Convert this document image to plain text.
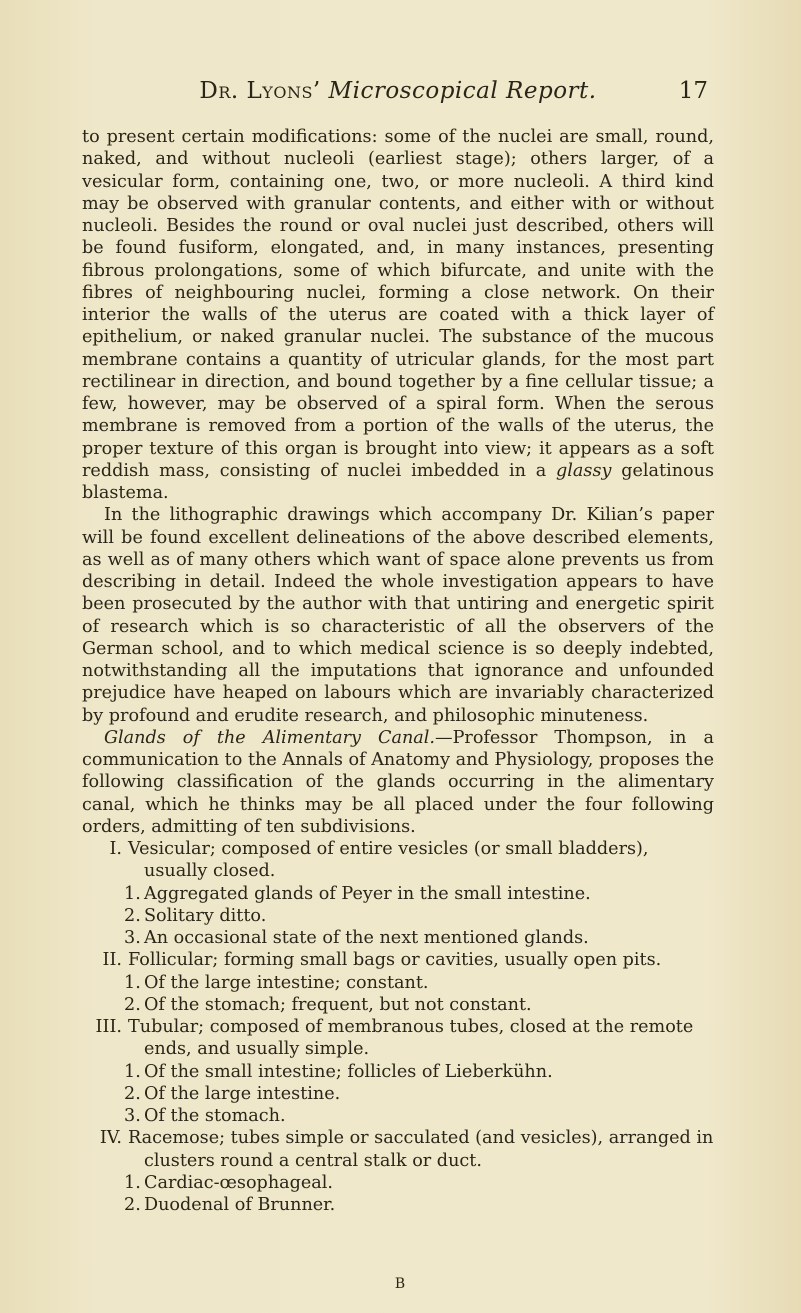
Dr. Lyons’ Microscopical Report.	17

to present certain modifications: some of the nuclei are small, round, naked, and without nucleoli (earliest stage); others larger, of a vesicular form, containing one, two, or more nucleoli. A third kind may be observed with granular contents, and either with or without nucleoli. Besides the round or oval nuclei just described, others will be found fusiform, elongated, and, in many instances, presenting fibrous prolongations, some of which bifurcate, and unite with the fibres of neighbouring nuclei, forming a close network. On their interior the walls of the uterus are coated with a thick layer of epithelium, or naked granular nuclei. The substance of the mucous membrane contains a quantity of utricular glands, for the most part rectilinear in direction, and bound together by a fine cellular tissue; a few, however, may be observed of a spiral form. When the serous membrane is removed from a portion of the walls of the uterus, the proper texture of this organ is brought into view; it appears as a soft reddish mass, consisting of nuclei imbedded in a glassy gelatinous blastema.

In the lithographic drawings which accompany Dr. Kilian’s paper will be found excellent delineations of the above described elements, as well as of many others which want of space alone prevents us from describing in detail. Indeed the whole investigation appears to have been prosecuted by the author with that untiring and energetic spirit of research which is so characteristic of all the observers of the German school, and to which medical science is so deeply indebted, notwithstanding all the imputations that ignorance and unfounded prejudice have heaped on labours which are invariably characterized by profound and erudite research, and philosophic minuteness.

Glands of the Alimentary Canal.—Professor Thompson, in a communication to the Annals of Anatomy and Physiology, proposes the following classification of the glands occurring in the alimentary canal, which he thinks may be all placed under the four following orders, admitting of ten subdivisions.

I. Vesicular; composed of entire vesicles (or small bladders), usually closed.
1. Aggregated glands of Peyer in the small intestine.
2. Solitary ditto.
3. An occasional state of the next mentioned glands.
II. Follicular; forming small bags or cavities, usually open pits.
1. Of the large intestine; constant.
2. Of the stomach; frequent, but not constant.
III. Tubular; composed of membranous tubes, closed at the remote ends, and usually simple.
1. Of the small intestine; follicles of Lieberkühn.
2. Of the large intestine.
3. Of the stomach.
IV. Racemose; tubes simple or sacculated (and vesicles), arranged in clusters round a central stalk or duct.
1. Cardiac-œsophageal.
2. Duodenal of Brunner.
B
